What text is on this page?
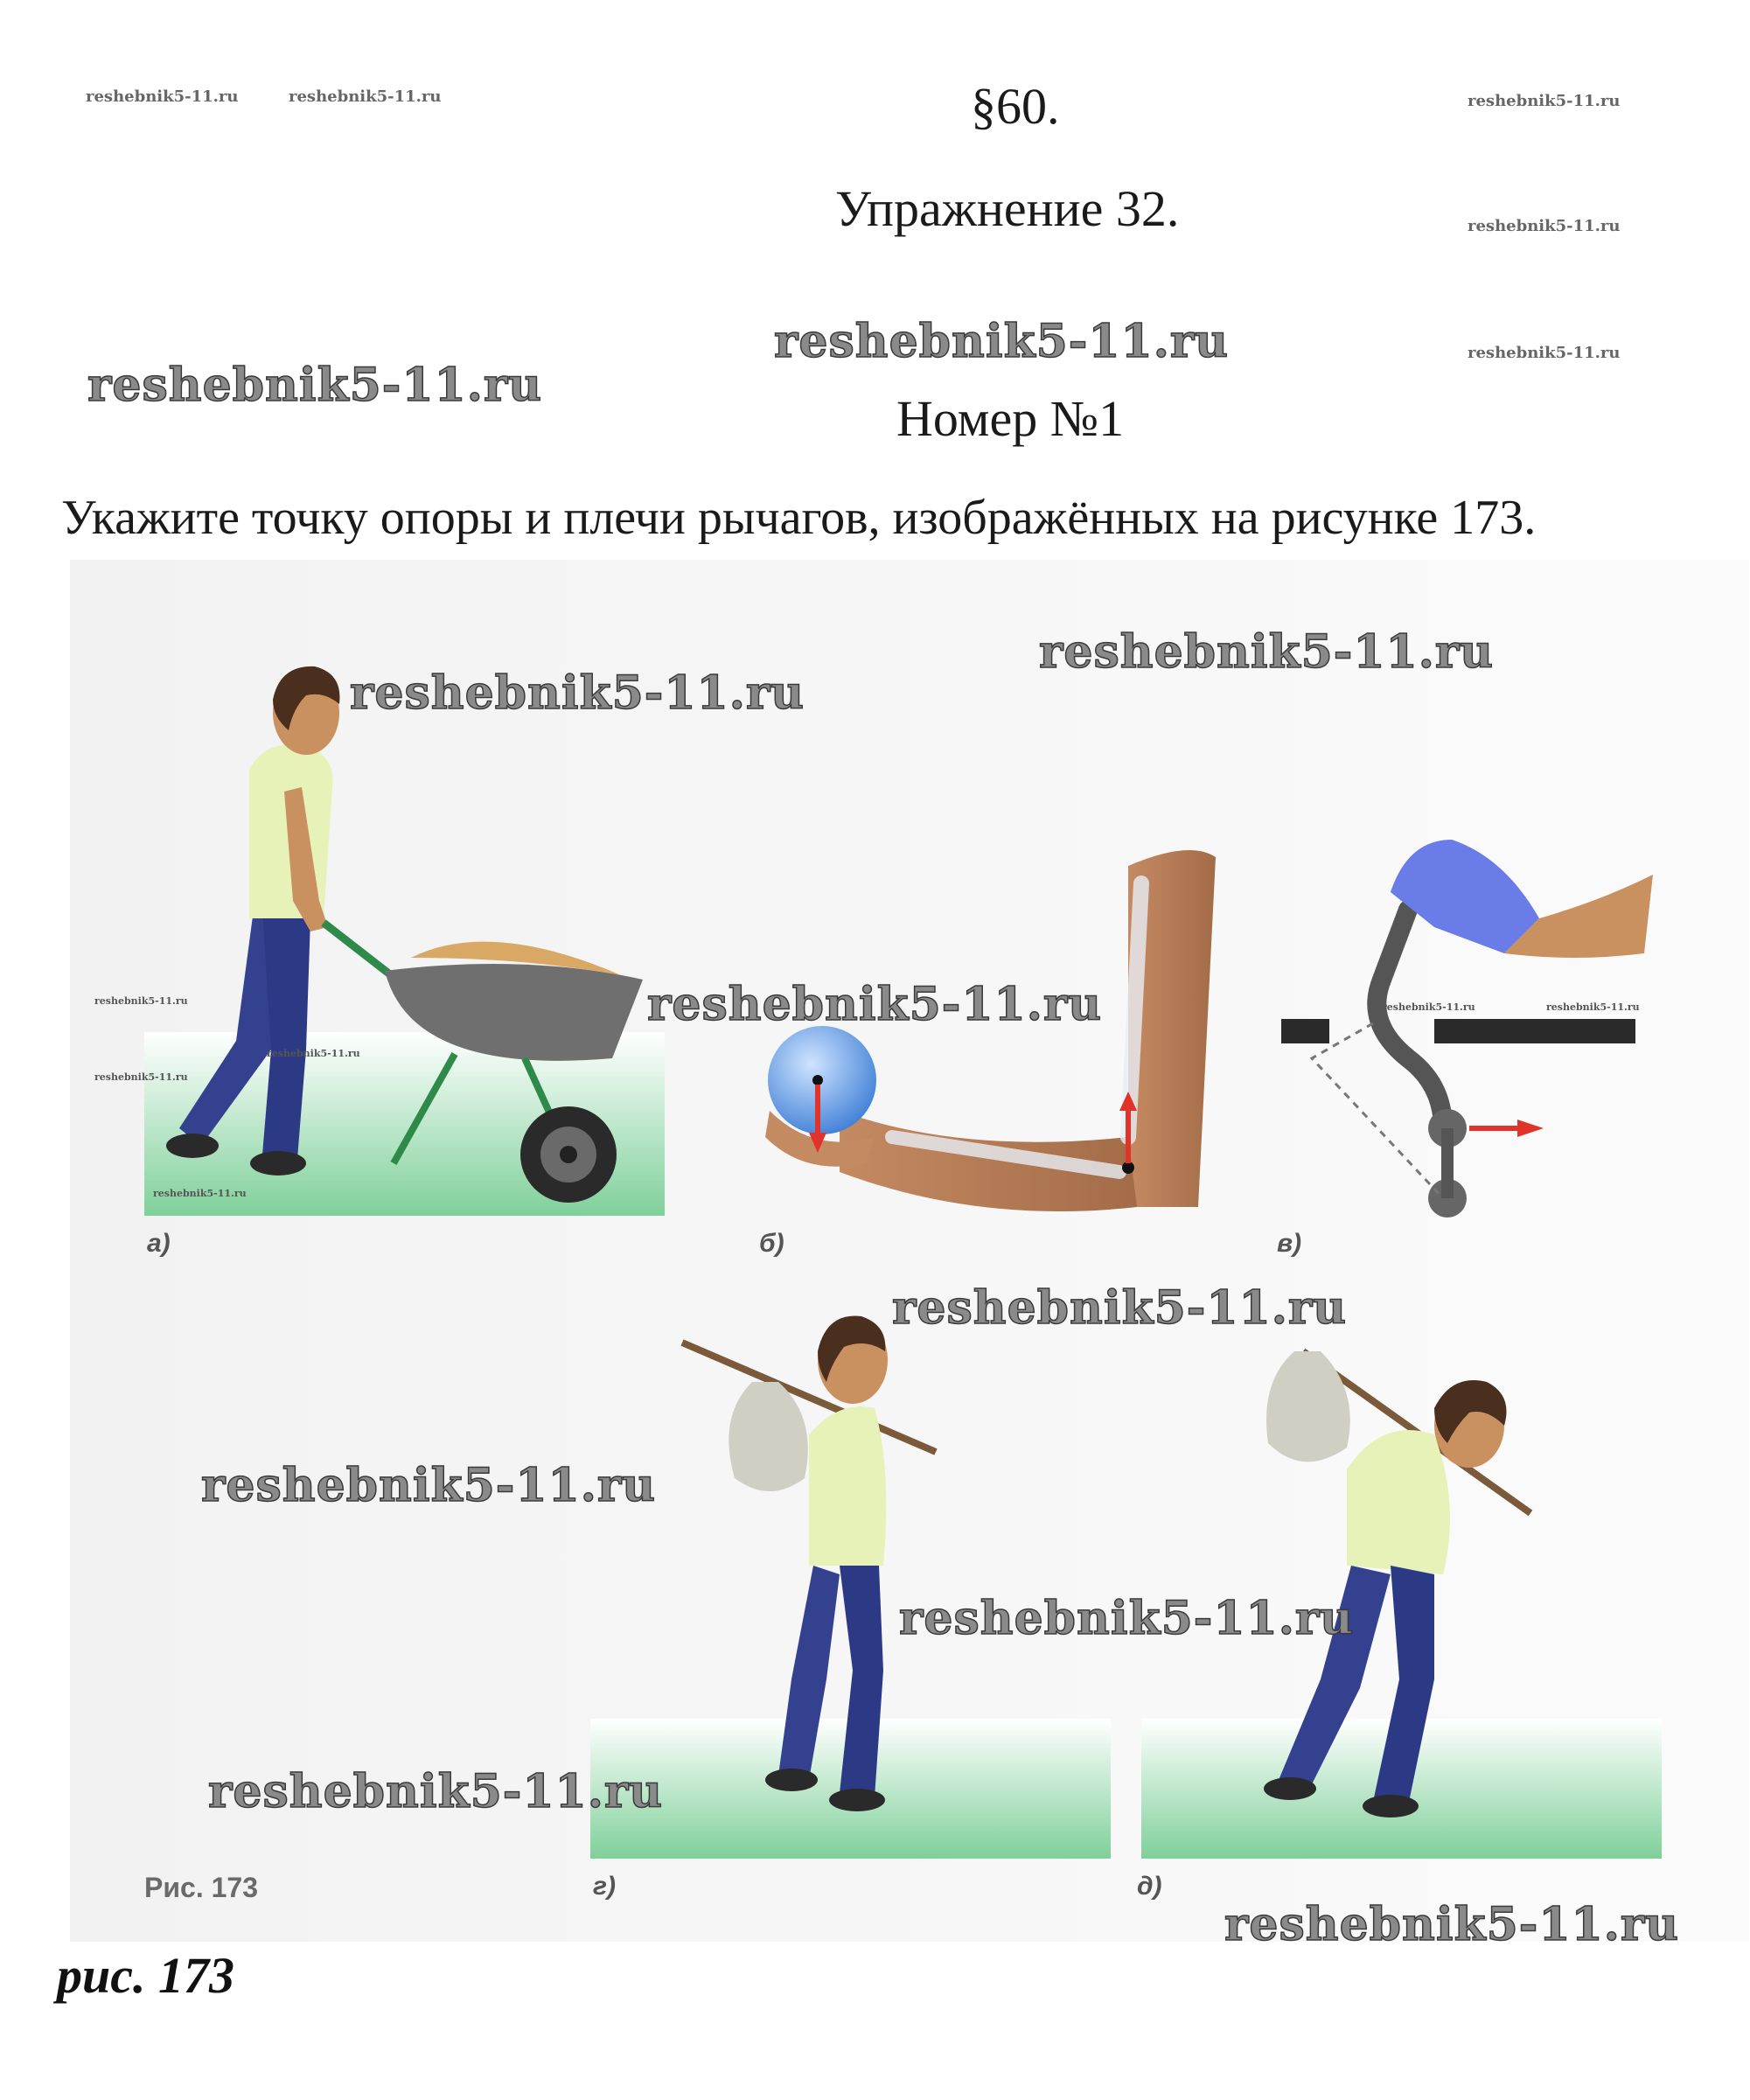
§60.
Упражнение 32.
Номер №1
Укажите точку опоры и плечи рычагов, изображённых на рисунке 173.
а)	б)	в)
г)	д)
Рис. 173
рис. 173
reshebnik5-11.ru	reshebnik5-11.ru	reshebnik5-11.ru
reshebnik5-11.ru
reshebnik5-11.ru
reshebnik5-11.ru
reshebnik5-11.ru
reshebnik5-11.ru
reshebnik5-11.ru
reshebnik5-11.ru
reshebnik5-11.ru
reshebnik5-11.ru
reshebnik5-11.ru
reshebnik5-11.ru
reshebnik5-11.ru
reshebnik5-11.ru
reshebnik5-11.ru
reshebnik5-11.ru
reshebnik5-11.ru
reshebnik5-11.ru	reshebnik5-11.ru
